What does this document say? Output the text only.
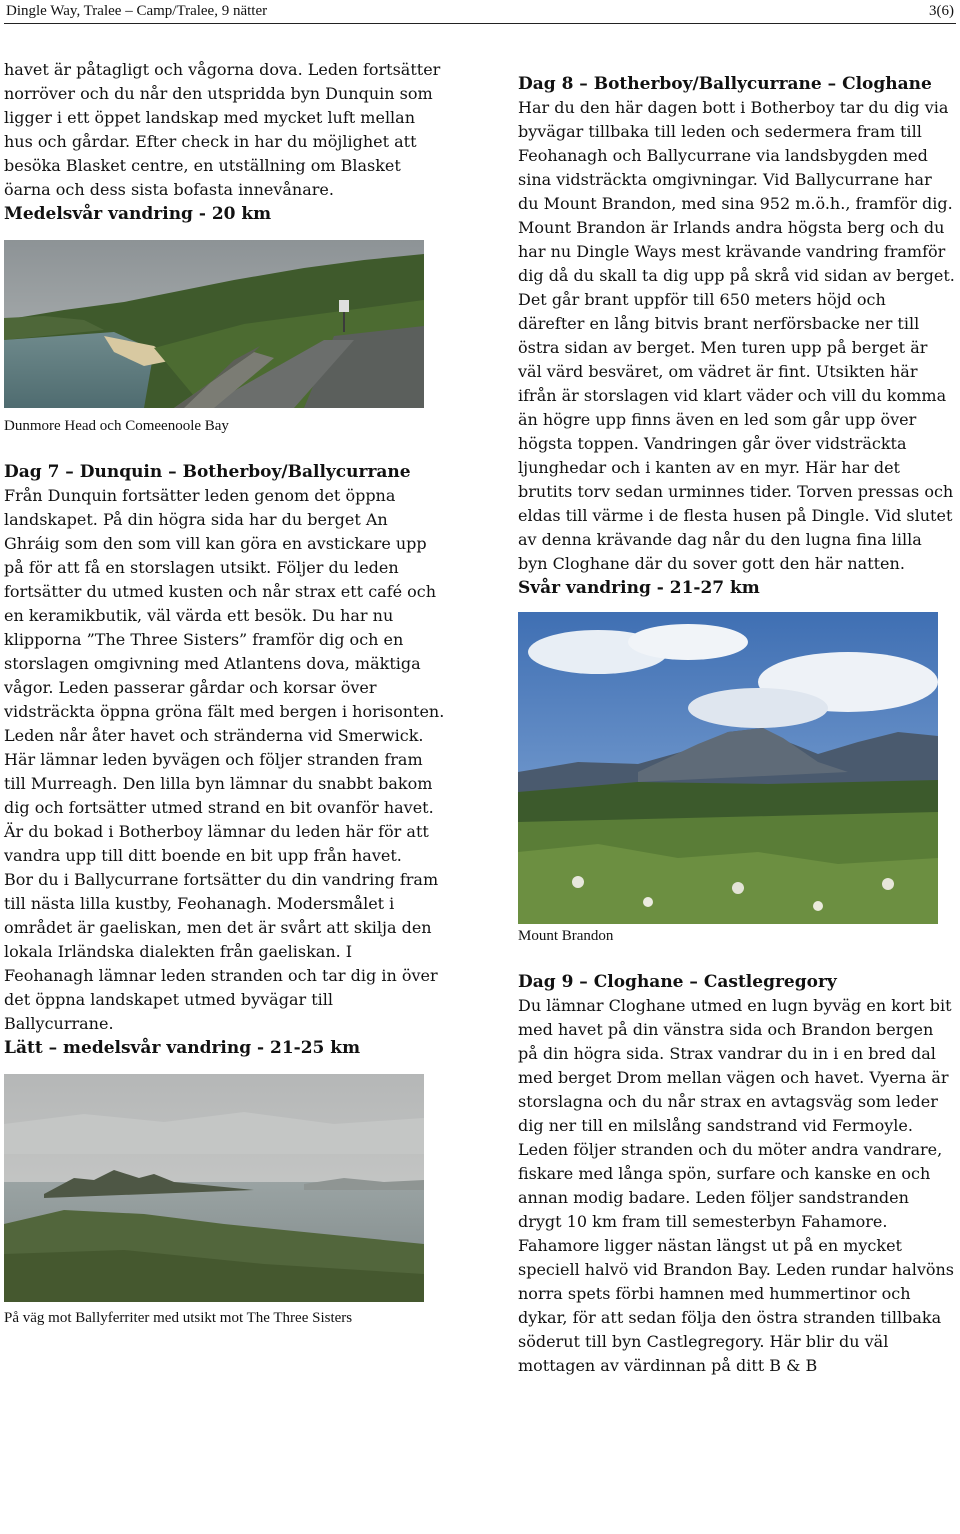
Dingle Way, Tralee – Camp/Tralee, 9 nätter	3(6)

havet är påtagligt och vågorna dova. Leden fortsätter norröver och du når den utspridda byn Dunquin som ligger i ett öppet landskap med mycket luft mellan hus och gårdar. Efter check in har du möjlighet att besöka Blasket centre, en utställning om Blasket öarna och dess sista bofasta innevånare.

Medelsvår vandring - 20 km

Dunmore Head och Comeenoole Bay

Dag 7 – Dunquin – Botherboy/Ballycurrane

Från Dunquin fortsätter leden genom det öppna landskapet. På din högra sida har du berget An Ghráig som den som vill kan göra en avstickare upp på för att få en storslagen utsikt. Följer du leden fortsätter du utmed kusten och når strax ett café och en keramikbutik, väl värda ett besök. Du har nu klipporna ”The Three Sisters” framför dig och en storslagen omgivning med Atlantens dova, mäktiga vågor. Leden passerar gårdar och korsar över vidsträckta öppna gröna fält med bergen i horisonten. Leden når åter havet och stränderna vid Smerwick. Här lämnar leden byvägen och följer stranden fram till Murreagh. Den lilla byn lämnar du snabbt bakom dig och fortsätter utmed strand en bit ovanför havet. Är du bokad i Botherboy lämnar du leden här för att vandra upp till ditt boende en bit upp från havet.

Bor du i Ballycurrane fortsätter du din vandring fram till nästa lilla kustby, Feohanagh. Modersmålet i området är gaeliskan, men det är svårt att skilja den lokala Irländska dialekten från gaeliskan. I Feohanagh lämnar leden stranden och tar dig in över det öppna landskapet utmed byvägar till Ballycurrane.

Lätt – medelsvår vandring - 21-25 km

På väg mot Ballyferriter med utsikt mot The Three Sisters

Dag 8 – Botherboy/Ballycurrane – Cloghane

Har du den här dagen bott i Botherboy tar du dig via byvägar tillbaka till leden och sedermera fram till Feohanagh och Ballycurrane via landsbygden med sina vidsträckta omgivningar. Vid Ballycurrane har du Mount Brandon, med sina 952 m.ö.h., framför dig. Mount Brandon är Irlands andra högsta berg och du har nu Dingle Ways mest krävande vandring framför dig då du skall ta dig upp på skrå vid sidan av berget. Det går brant uppför till 650 meters höjd och därefter en lång bitvis brant nerförsbacke ner till östra sidan av berget. Men turen upp på berget är väl värd besväret, om vädret är fint. Utsikten här ifrån är storslagen vid klart väder och vill du komma än högre upp finns även en led som går upp över högsta toppen. Vandringen går över vidsträckta ljunghedar och i kanten av en myr. Här har det brutits torv sedan urminnes tider. Torven pressas och eldas till värme i de flesta husen på Dingle. Vid slutet av denna krävande dag når du den lugna fina lilla byn Cloghane där du sover gott den här natten.

Svår vandring - 21-27 km

Mount Brandon

Dag 9 – Cloghane – Castlegregory

Du lämnar Cloghane utmed en lugn byväg en kort bit med havet på din vänstra sida och Brandon bergen på din högra sida. Strax vandrar du in i en bred dal med berget Drom mellan vägen och havet. Vyerna är storslagna och du når strax en avtagsväg som leder dig ner till en milslång sandstrand vid Fermoyle. Leden följer stranden och du möter andra vandrare, fiskare med långa spön, surfare och kanske en och annan modig badare. Leden följer sandstranden drygt 10 km fram till semesterbyn Fahamore. Fahamore ligger nästan längst ut på en mycket speciell halvö vid Brandon Bay. Leden rundar halvöns norra spets förbi hamnen med hummertinor och dykar, för att sedan följa den östra stranden tillbaka söderut till byn Castlegregory. Här blir du väl mottagen av värdinnan på ditt B & B
